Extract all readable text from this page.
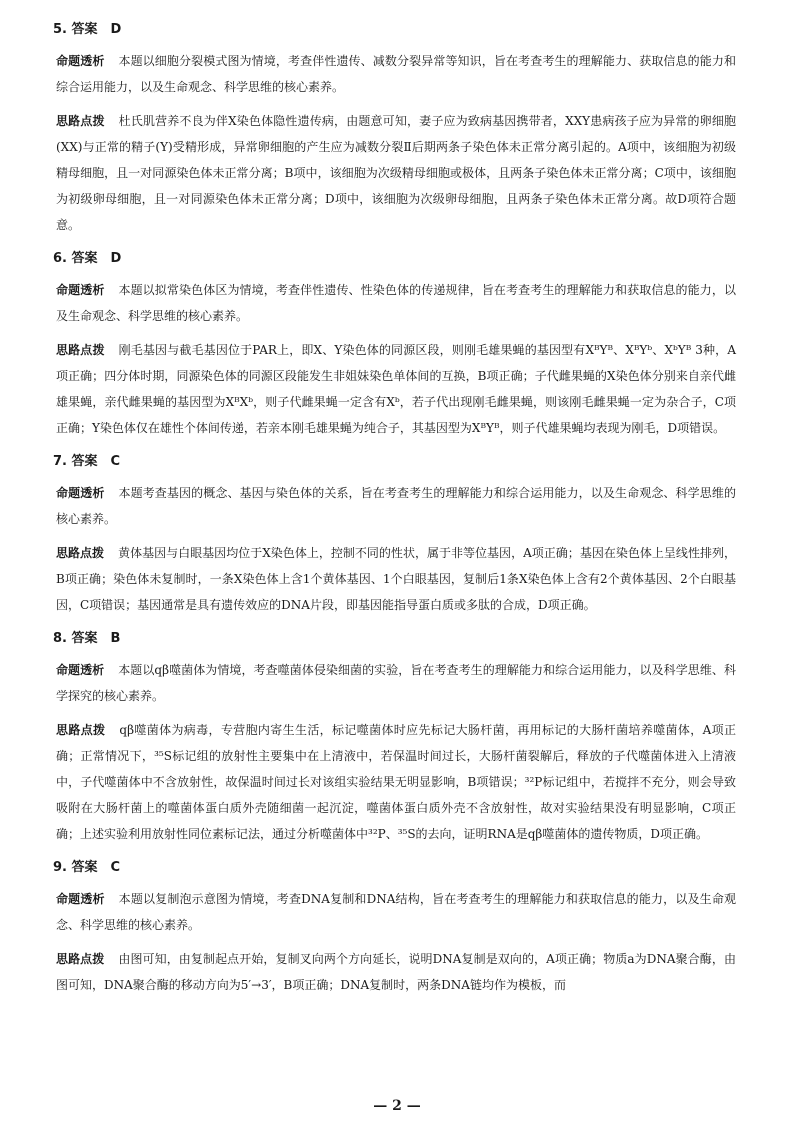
5. 答案　D

命题透析 本题以细胞分裂模式图为情境，考查伴性遗传、减数分裂异常等知识，旨在考查考生的理解能力、获取信息的能力和综合运用能力，以及生命观念、科学思维的核心素养。

思路点拨 杜氏肌营养不良为伴X染色体隐性遗传病，由题意可知，妻子应为致病基因携带者，XXY患病孩子应为异常的卵细胞(XX)与正常的精子(Y)受精形成，异常卵细胞的产生应为减数分裂Ⅱ后期两条子染色体未正常分离引起的。A项中，该细胞为初级精母细胞，且一对同源染色体未正常分离；B项中，该细胞为次级精母细胞或极体，且两条子染色体未正常分离；C项中，该细胞为初级卵母细胞，且一对同源染色体未正常分离；D项中，该细胞为次级卵母细胞，且两条子染色体未正常分离。故D项符合题意。

6. 答案　D

命题透析 本题以拟常染色体区为情境，考查伴性遗传、性染色体的传递规律，旨在考查考生的理解能力和获取信息的能力，以及生命观念、科学思维的核心素养。

思路点拨 刚毛基因与截毛基因位于PAR上，即X、Y染色体的同源区段，则刚毛雄果蝇的基因型有XᴮYᴮ、XᴮYᵇ、XᵇYᴮ 3种，A项正确；四分体时期，同源染色体的同源区段能发生非姐妹染色单体间的互换，B项正确；子代雌果蝇的X染色体分别来自亲代雌雄果蝇，亲代雌果蝇的基因型为XᴮXᵇ，则子代雌果蝇一定含有Xᵇ，若子代出现刚毛雌果蝇，则该刚毛雌果蝇一定为杂合子，C项正确；Y染色体仅在雄性个体间传递，若亲本刚毛雄果蝇为纯合子，其基因型为XᴮYᴮ，则子代雄果蝇均表现为刚毛，D项错误。

7. 答案　C

命题透析 本题考查基因的概念、基因与染色体的关系，旨在考查考生的理解能力和综合运用能力，以及生命观念、科学思维的核心素养。

思路点拨 黄体基因与白眼基因均位于X染色体上，控制不同的性状，属于非等位基因，A项正确；基因在染色体上呈线性排列，B项正确；染色体未复制时，一条X染色体上含1个黄体基因、1个白眼基因，复制后1条X染色体上含有2个黄体基因、2个白眼基因，C项错误；基因通常是具有遗传效应的DNA片段，即基因能指导蛋白质或多肽的合成，D项正确。

8. 答案　B

命题透析 本题以qβ噬菌体为情境，考查噬菌体侵染细菌的实验，旨在考查考生的理解能力和综合运用能力，以及科学思维、科学探究的核心素养。

思路点拨 qβ噬菌体为病毒，专营胞内寄生生活，标记噬菌体时应先标记大肠杆菌，再用标记的大肠杆菌培养噬菌体，A项正确；正常情况下，³⁵S标记组的放射性主要集中在上清液中，若保温时间过长，大肠杆菌裂解后，释放的子代噬菌体进入上清液中，子代噬菌体中不含放射性，故保温时间过长对该组实验结果无明显影响，B项错误；³²P标记组中，若搅拌不充分，则会导致吸附在大肠杆菌上的噬菌体蛋白质外壳随细菌一起沉淀，噬菌体蛋白质外壳不含放射性，故对实验结果没有明显影响，C项正确；上述实验利用放射性同位素标记法，通过分析噬菌体中³²P、³⁵S的去向，证明RNA是qβ噬菌体的遗传物质，D项正确。

9. 答案　C

命题透析 本题以复制泡示意图为情境，考查DNA复制和DNA结构，旨在考查考生的理解能力和获取信息的能力，以及生命观念、科学思维的核心素养。

思路点拨 由图可知，由复制起点开始，复制叉向两个方向延长，说明DNA复制是双向的，A项正确；物质a为DNA聚合酶，由图可知，DNA聚合酶的移动方向为5′→3′，B项正确；DNA复制时，两条DNA链均作为模板，而

— 2 —
